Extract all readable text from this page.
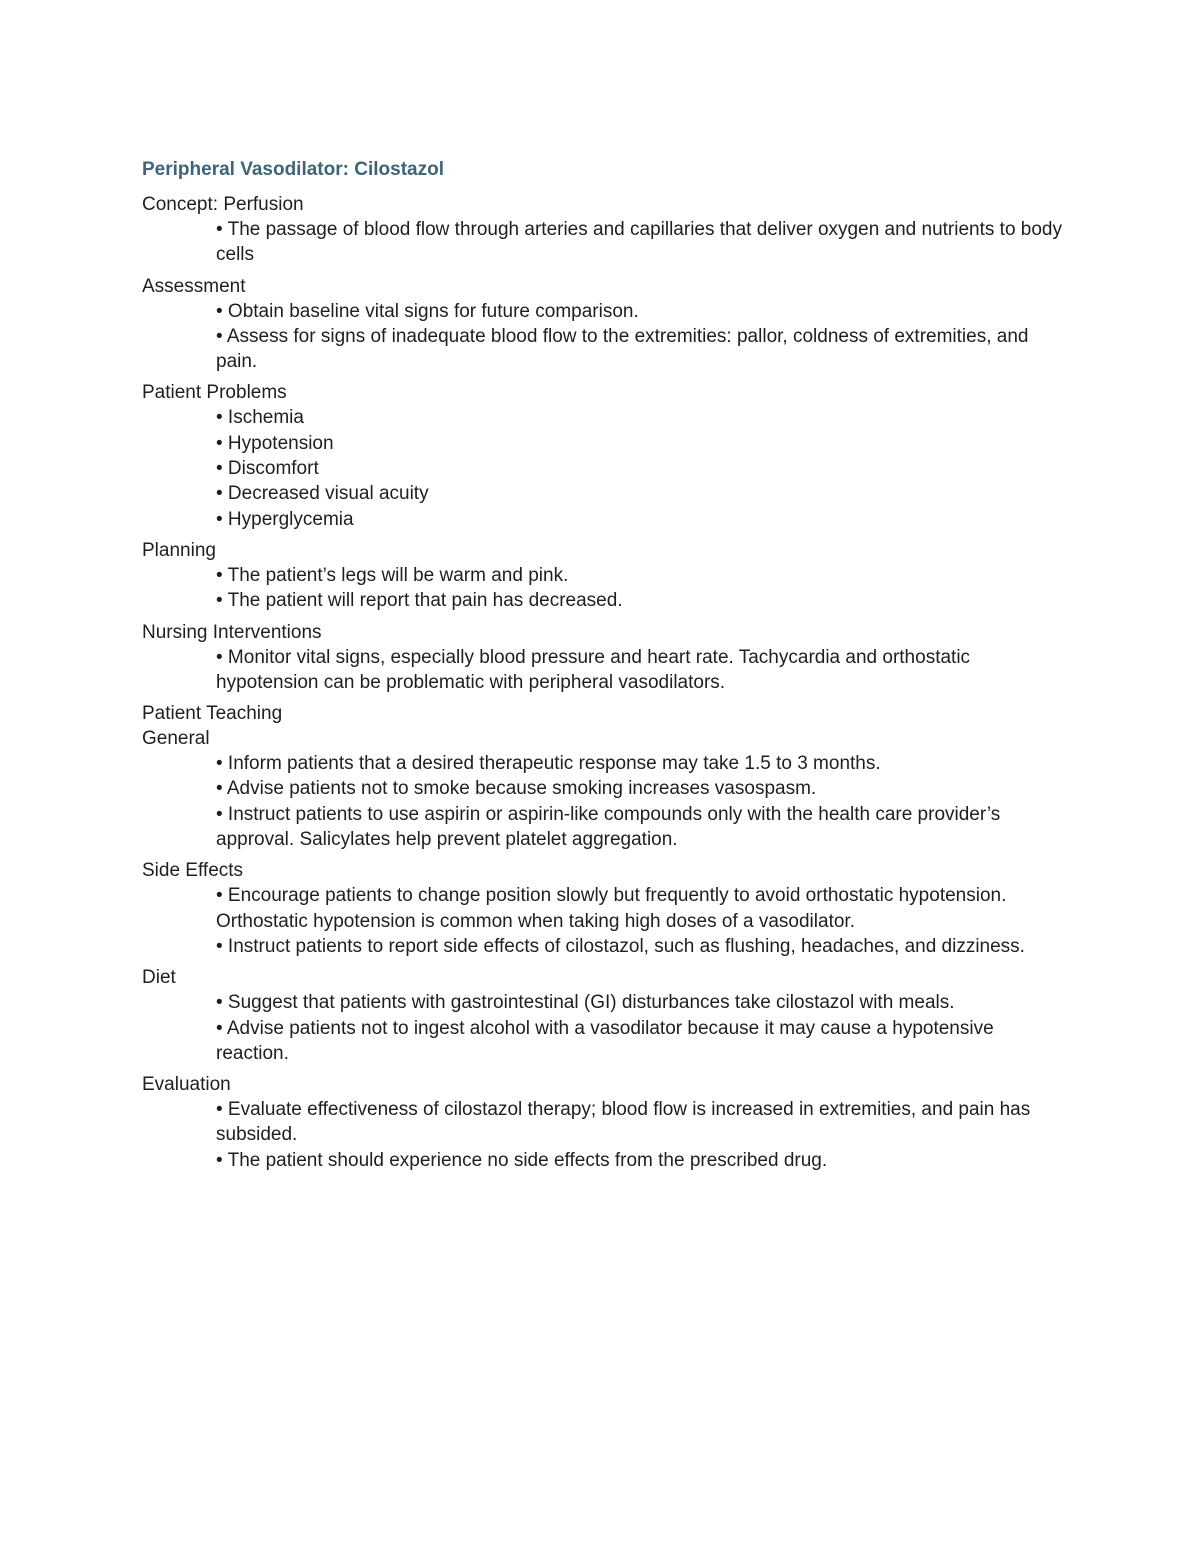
Peripheral Vasodilator: Cilostazol
Concept: Perfusion
• The passage of blood flow through arteries and capillaries that deliver oxygen and nutrients to body cells
Assessment
• Obtain baseline vital signs for future comparison.
• Assess for signs of inadequate blood flow to the extremities: pallor, coldness of extremities, and pain.
Patient Problems
• Ischemia
• Hypotension
• Discomfort
• Decreased visual acuity
• Hyperglycemia
Planning
• The patient’s legs will be warm and pink.
• The patient will report that pain has decreased.
Nursing Interventions
• Monitor vital signs, especially blood pressure and heart rate. Tachycardia and orthostatic hypotension can be problematic with peripheral vasodilators.
Patient Teaching
General
• Inform patients that a desired therapeutic response may take 1.5 to 3 months.
• Advise patients not to smoke because smoking increases vasospasm.
• Instruct patients to use aspirin or aspirin-like compounds only with the health care provider’s approval. Salicylates help prevent platelet aggregation.
Side Effects
• Encourage patients to change position slowly but frequently to avoid orthostatic hypotension. Orthostatic hypotension is common when taking high doses of a vasodilator.
• Instruct patients to report side effects of cilostazol, such as flushing, headaches, and dizziness.
Diet
• Suggest that patients with gastrointestinal (GI) disturbances take cilostazol with meals.
• Advise patients not to ingest alcohol with a vasodilator because it may cause a hypotensive reaction.
Evaluation
• Evaluate effectiveness of cilostazol therapy; blood flow is increased in extremities, and pain has subsided.
• The patient should experience no side effects from the prescribed drug.
